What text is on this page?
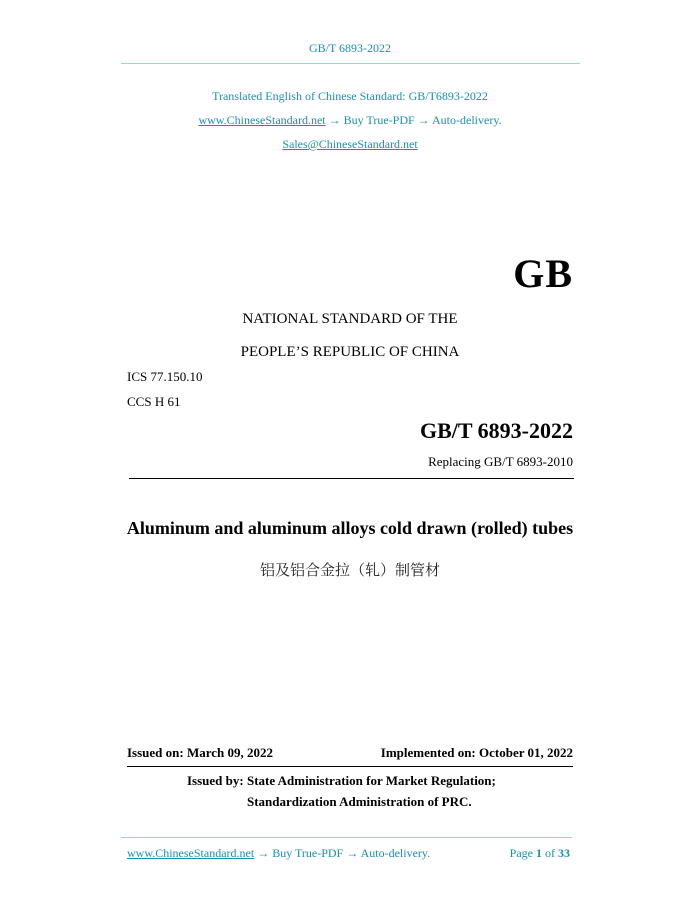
GB/T 6893-2022
Translated English of Chinese Standard: GB/T6893-2022
www.ChineseStandard.net → Buy True-PDF → Auto-delivery.
Sales@ChineseStandard.net
GB
NATIONAL STANDARD OF THE
PEOPLE’S REPUBLIC OF CHINA
ICS 77.150.10
CCS H 61
GB/T 6893-2022
Replacing GB/T 6893-2010
Aluminum and aluminum alloys cold drawn (rolled) tubes
铝及铝合金拉（轧）制管材
Issued on: March 09, 2022	Implemented on: October 01, 2022
Issued by: State Administration for Market Regulation;
Standardization Administration of PRC.
www.ChineseStandard.net → Buy True-PDF → Auto-delivery.	Page 1 of 33
